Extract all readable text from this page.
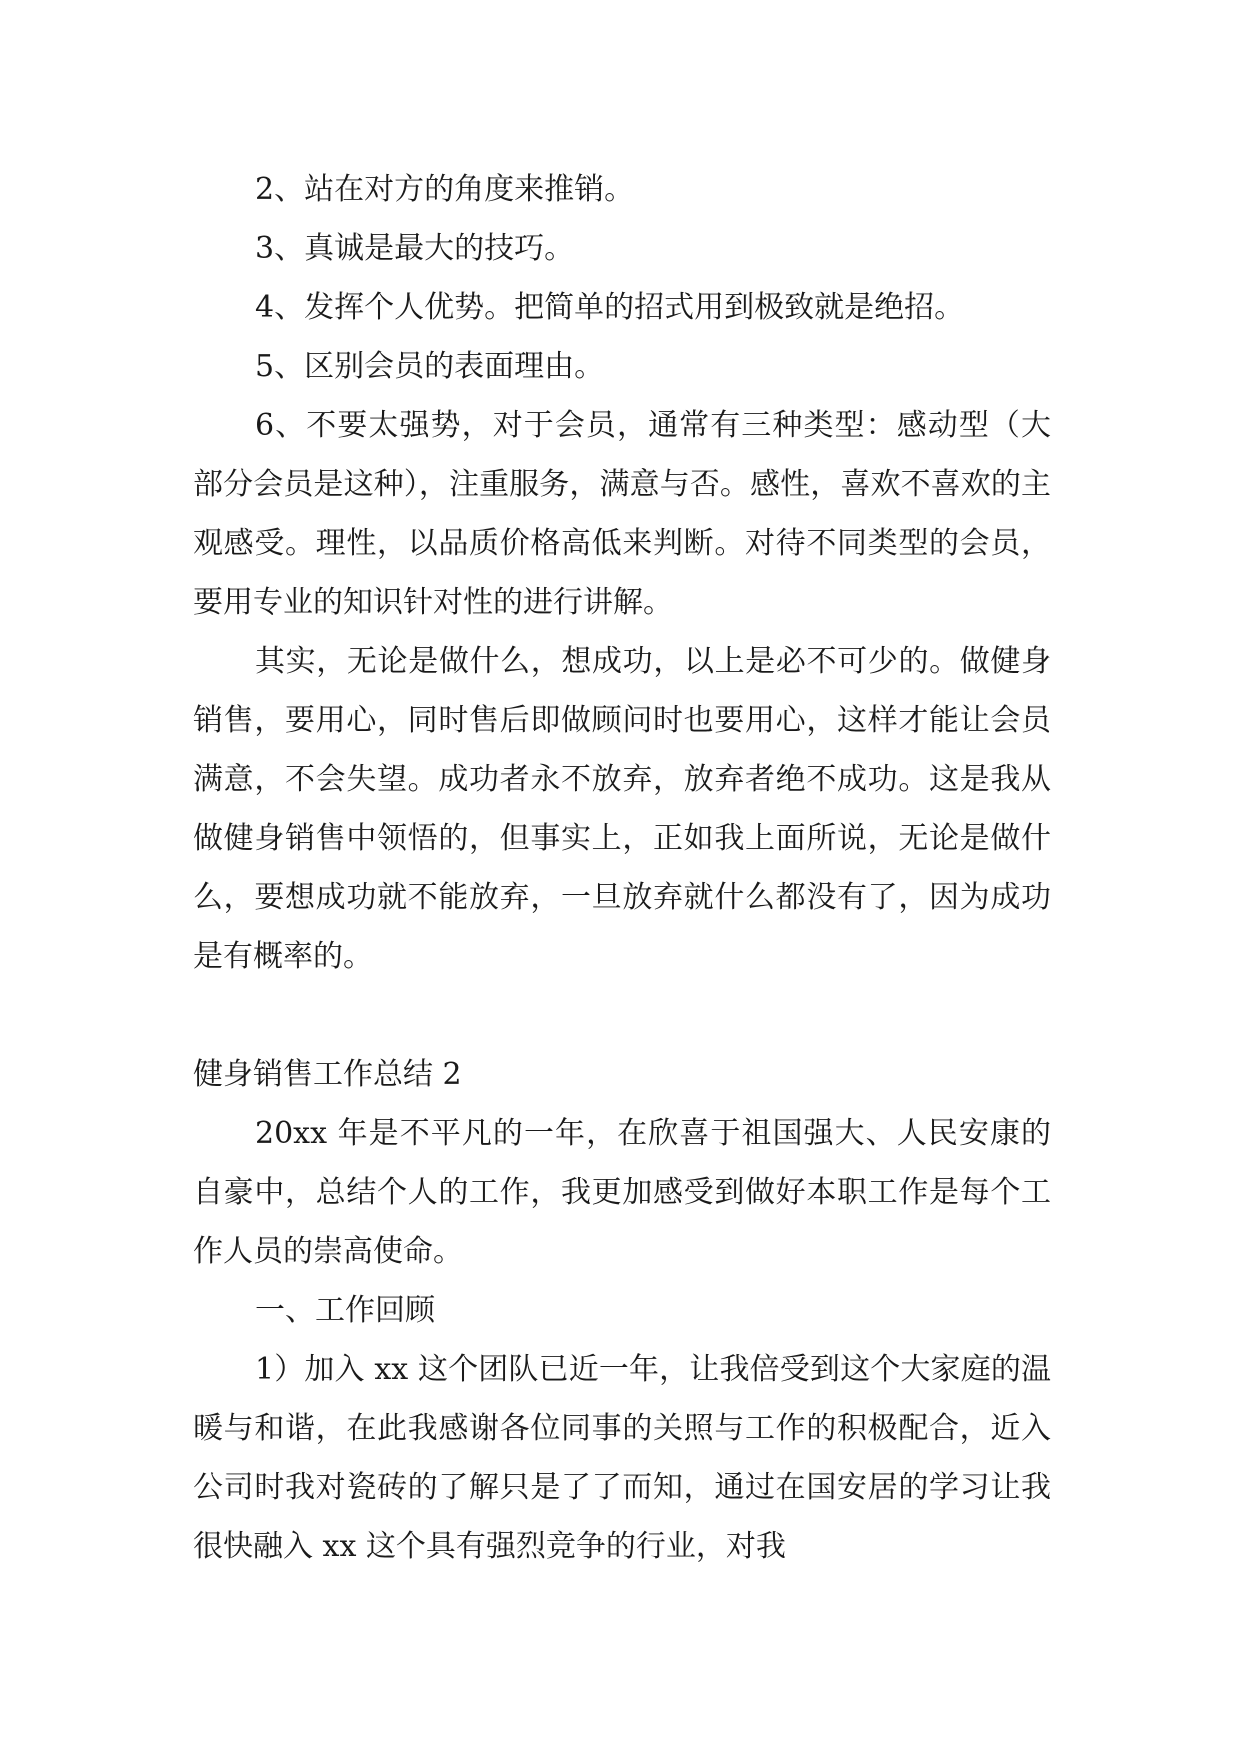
2、站在对方的角度来推销。

3、真诚是最大的技巧。

4、发挥个人优势。把简单的招式用到极致就是绝招。

5、区别会员的表面理由。

6、不要太强势，对于会员，通常有三种类型：感动型（大部分会员是这种），注重服务，满意与否。感性，喜欢不喜欢的主观感受。理性，以品质价格高低来判断。对待不同类型的会员，要用专业的知识针对性的进行讲解。

其实，无论是做什么，想成功，以上是必不可少的。做健身销售，要用心，同时售后即做顾问时也要用心，这样才能让会员满意，不会失望。成功者永不放弃，放弃者绝不成功。这是我从做健身销售中领悟的，但事实上，正如我上面所说，无论是做什么，要想成功就不能放弃，一旦放弃就什么都没有了，因为成功是有概率的。

健身销售工作总结 2

20xx 年是不平凡的一年，在欣喜于祖国强大、人民安康的自豪中，总结个人的工作，我更加感受到做好本职工作是每个工作人员的崇高使命。

一、工作回顾

1）加入 xx 这个团队已近一年，让我倍受到这个大家庭的温暖与和谐，在此我感谢各位同事的关照与工作的积极配合，近入公司时我对瓷砖的了解只是了了而知，通过在国安居的学习让我很快融入 xx 这个具有强烈竞争的行业，对我
